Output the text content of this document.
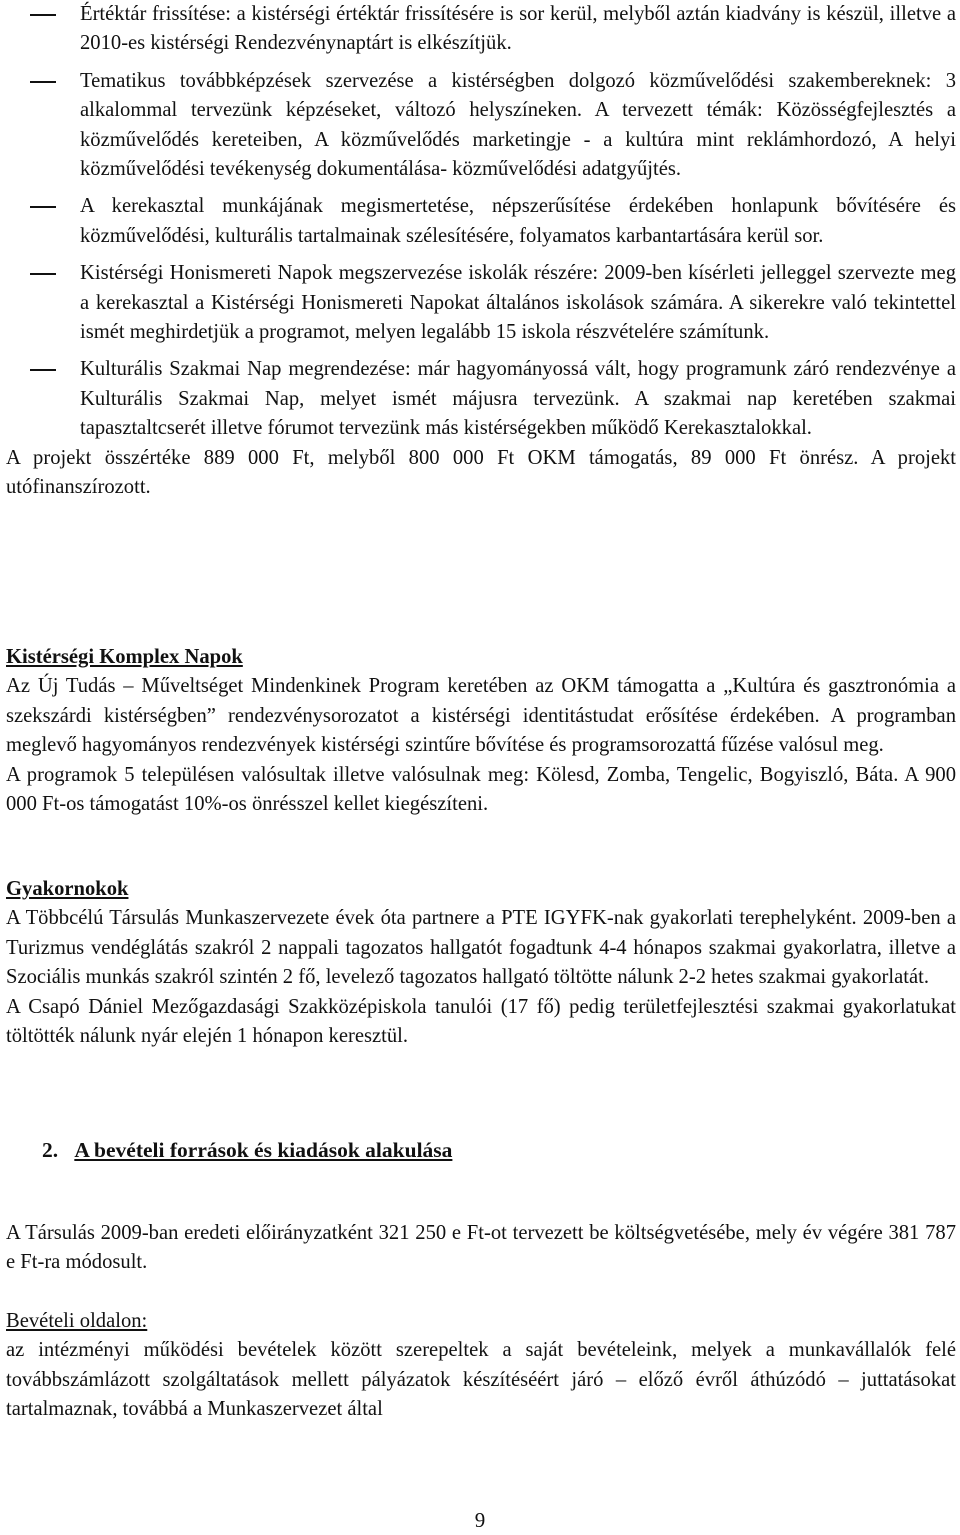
Értéktár frissítése: a kistérségi értéktár frissítésére is sor kerül, melyből aztán kiadvány is készül, illetve a 2010-es kistérségi Rendezvénynaptárt is elkészítjük.
Tematikus továbbképzések szervezése a kistérségben dolgozó közművelődési szakembereknek: 3 alkalommal tervezünk képzéseket, változó helyszíneken. A tervezett témák: Közösségfejlesztés a közművelődés kereteiben, A közművelődés marketingje - a kultúra mint reklámhordozó, A helyi közművelődési tevékenység dokumentálása- közművelődési adatgyűjtés.
A kerekasztal munkájának megismertetése, népszerűsítése érdekében honlapunk bővítésére és közművelődési, kulturális tartalmainak szélesítésére, folyamatos karbantartására kerül sor.
Kistérségi Honismereti Napok megszervezése iskolák részére: 2009-ben kísérleti jelleggel szervezte meg a kerekasztal a Kistérségi Honismereti Napokat általános iskolások számára. A sikerekre való tekintettel ismét meghirdetjük a programot, melyen legalább 15 iskola részvételére számítunk.
Kulturális Szakmai Nap megrendezése: már hagyományossá vált, hogy programunk záró rendezvénye a Kulturális Szakmai Nap, melyet ismét májusra tervezünk. A szakmai nap keretében szakmai tapasztaltcserét illetve fórumot tervezünk más kistérségekben működő Kerekasztalokkal.

A projekt összértéke 889 000 Ft, melyből 800 000 Ft OKM támogatás, 89 000 Ft önrész. A projekt utófinanszírozott.

Kistérségi Komplex Napok

Az Új Tudás – Műveltséget Mindenkinek Program keretében az OKM támogatta a „Kultúra és gasztronómia a szekszárdi kistérségben” rendezvénysorozatot a kistérségi identitástudat erősítése érdekében. A programban meglevő hagyományos rendezvények kistérségi szintűre bővítése és programsorozattá fűzése valósul meg.

A programok 5 településen valósultak illetve valósulnak meg: Kölesd, Zomba, Tengelic, Bogyiszló, Báta. A 900 000 Ft-os támogatást 10%-os önrésszel kellet kiegészíteni.

Gyakornokok

A Többcélú Társulás Munkaszervezete évek óta partnere a PTE IGYFK-nak gyakorlati terephelyként. 2009-ben a Turizmus vendéglátás szakról 2 nappali tagozatos hallgatót fogadtunk 4-4 hónapos szakmai gyakorlatra, illetve a Szociális munkás szakról szintén 2 fő, levelező tagozatos hallgató töltötte nálunk 2-2 hetes szakmai gyakorlatát.

A Csapó Dániel Mezőgazdasági Szakközépiskola tanulói (17 fő) pedig területfejlesztési szakmai gyakorlatukat töltötték nálunk nyár elején 1 hónapon keresztül.

2. A bevételi források és kiadások alakulása

A Társulás 2009-ban eredeti előirányzatként 321 250 e Ft-ot tervezett be költségvetésébe, mely év végére 381 787 e Ft-ra módosult.

Bevételi oldalon:

az intézményi működési bevételek között szerepeltek a saját bevételeink, melyek a munkavállalók felé továbbszámlázott szolgáltatások mellett pályázatok készítéséért járó – előző évről áthúzódó – juttatásokat tartalmaznak, továbbá a Munkaszervezet által

9
